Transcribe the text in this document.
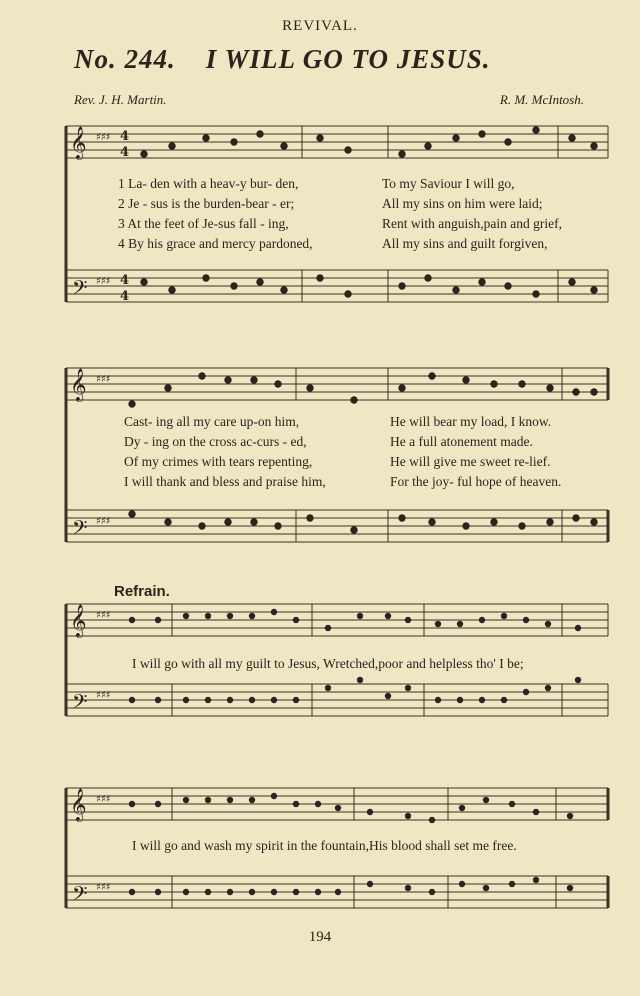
REVIVAL.
No. 244. I WILL GO TO JESUS.
Rev. J. H. Martin.	R. M. McIntosh.
𝄞 ♯♯♯ 4
4
𝄢 ♯♯♯ 4
4
1 La- den with a heav-y bur- den,	To my Saviour I will go,
2 Je - sus is the burden-bear - er;	All my sins on him were laid;
3 At the feet of Je-sus fall - ing,	Rent with anguish,pain and grief,
4 By his grace and mercy pardoned,	All my sins and guilt forgiven,
𝄞 ♯♯♯
𝄢 ♯♯♯
Cast- ing all my care up-on him,	He will bear my load, I know.
Dy - ing on the cross ac-curs - ed,	He a full atonement made.
Of my crimes with tears repenting,	He will give me sweet re-lief.
I will thank and bless and praise him,	For the joy- ful hope of heaven.
Refrain.
𝄞 ♯♯♯
𝄢 ♯♯♯
I will go with all my guilt to Jesus, Wretched,poor and helpless tho' I be;
𝄞 ♯♯♯
𝄢 ♯♯♯
I will go and wash my spirit in the fountain,His blood shall set me free.
194
